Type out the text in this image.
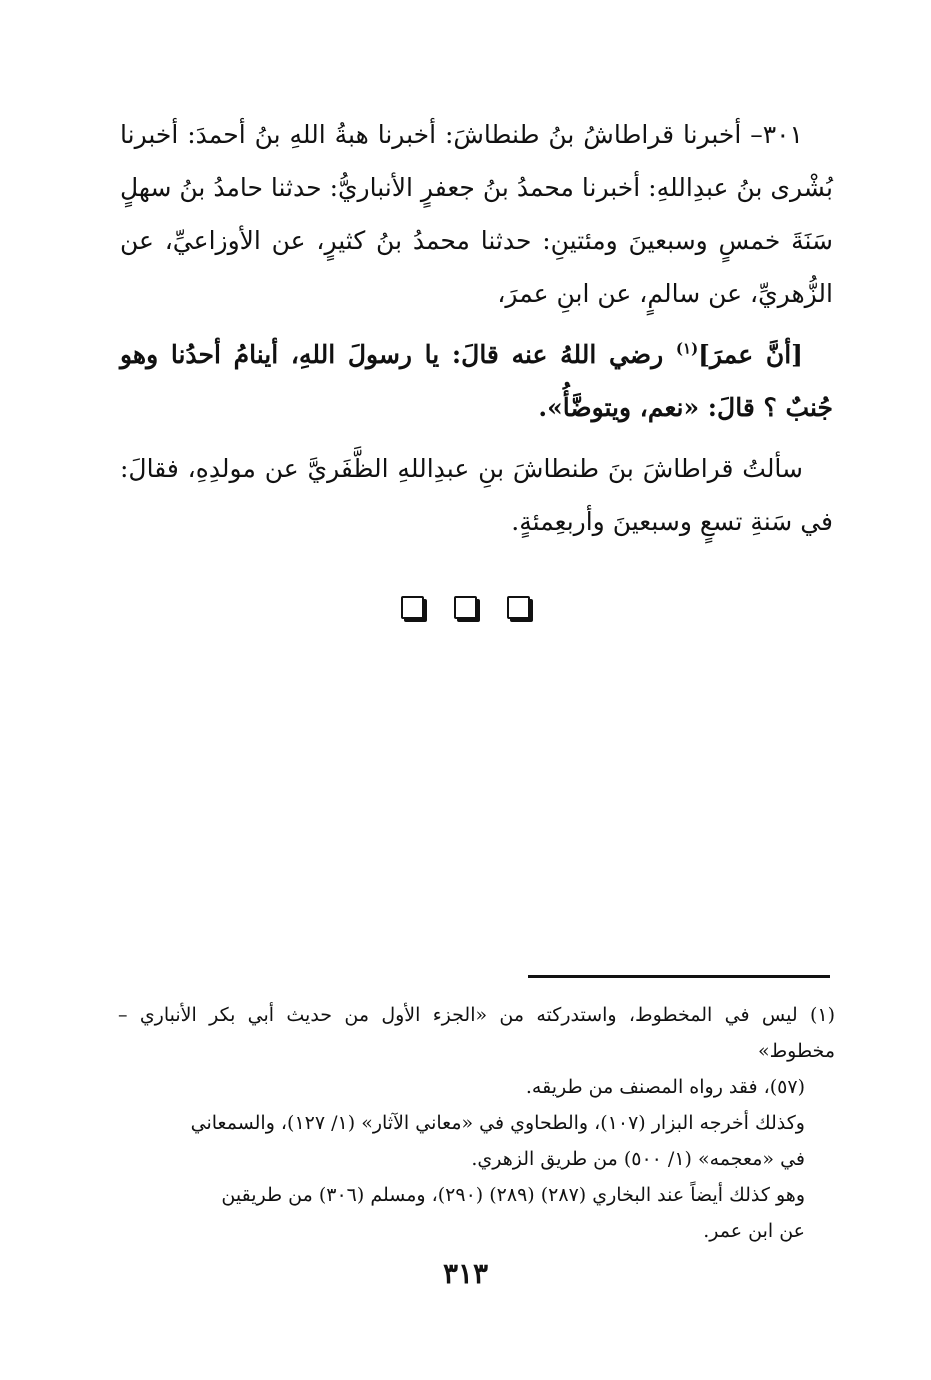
٣٠١– أخبرنا قراطاشُ بنُ طنطاشَ: أخبرنا هبةُ اللهِ بنُ أحمدَ: أخبرنا بُشْرى بنُ عبدِاللهِ: أخبرنا محمدُ بنُ جعفرٍ الأنباريُّ: حدثنا حامدُ بنُ سهلٍ سَنَةَ خمسٍ وسبعينَ ومئتينِ: حدثنا محمدُ بنُ كثيرٍ، عن الأوزاعيِّ، عن الزُّهريِّ، عن سالمٍ، عن ابنِ عمرَ،

[أنَّ عمرَ]$^{(١)}$ رضي اللهُ عنه قالَ: يا رسولَ اللهِ، أينامُ أحدُنا وهو جُنبٌ ؟ قالَ: «نعم، ويتوضَّأُ».

سألتُ قراطاشَ بنَ طنطاشَ بنِ عبدِاللهِ الظَّفَريَّ عن مولدِهِ، فقالَ: في سَنةِ تسعٍ وسبعينَ وأربعِمئةٍ.

(١) ليس في المخطوط، واستدركته من «الجزء الأول من حديث أبي بكر الأنباري – مخطوط»

(٥٧)، فقد رواه المصنف من طريقه.

وكذلك أخرجه البزار (١٠٧)، والطحاوي في «معاني الآثار» (١/ ١٢٧)، والسمعاني

في «معجمه» (١/ ٥٠٠) من طريق الزهري.

وهو كذلك أيضاً عند البخاري (٢٨٧) (٢٨٩) (٢٩٠)، ومسلم (٣٠٦) من طريقين

عن ابن عمر.

٣١٣
